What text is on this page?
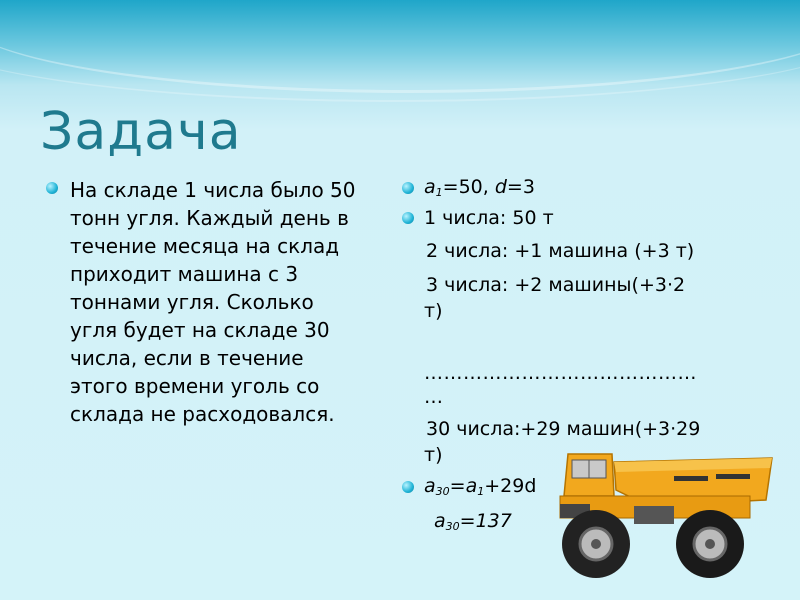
Задача
На складе 1 числа было 50 тонн угля. Каждый день в течение месяца на склад приходит машина с 3 тоннами угля. Сколько угля будет на складе 30 числа, если в течение этого времени уголь со склада не расходовался.
$a_1=50$, d=3
1 числа: 50 т
2 числа: +1 машина (+3 т)
3 числа: +2 машины(+3·2
т)
……………………………………
…
30 числа:+29 машин(+3·29
т)
$a_{30}=a_1+29d$
$a_{30}=137$
